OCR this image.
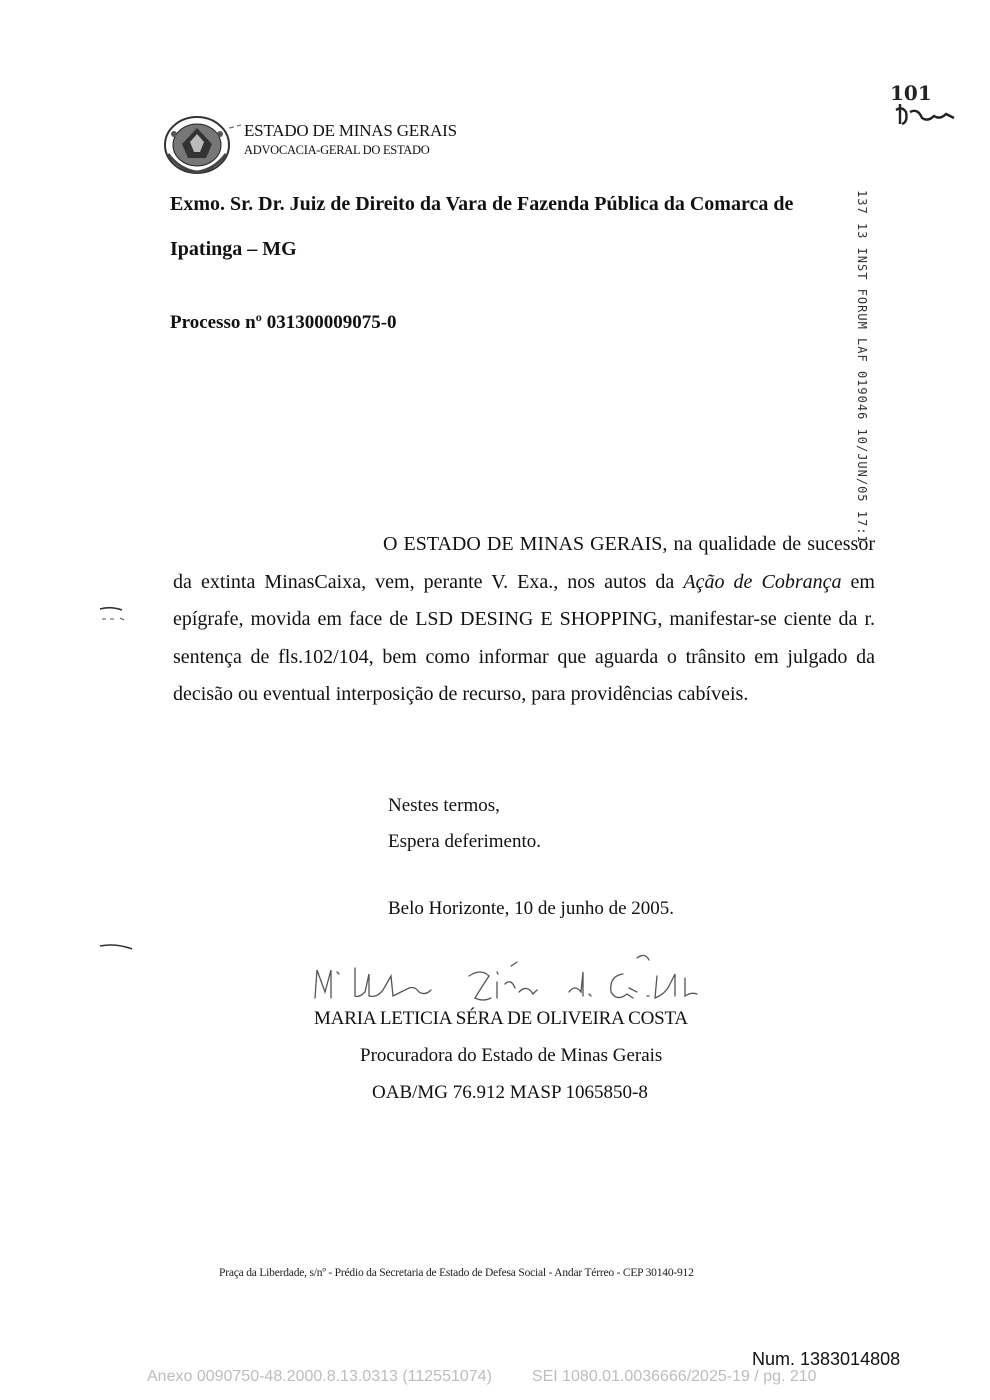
ESTADO DE MINAS GERAIS
ADVOCACIA-GERAL DO ESTADO
101
Exmo. Sr. Dr. Juiz de Direito da Vara de Fazenda Pública da Comarca de
Ipatinga – MG
Processo nº 031300009075-0	137 13 INST FORUM LAF 019046 10/JUN/05 17:1
O ESTADO DE MINAS GERAIS, na qualidade de sucessor da extinta MinasCaixa, vem, perante V. Exa., nos autos da Ação de Cobrança em epígrafe, movida em face de LSD DESING E SHOPPING, manifestar-se ciente da r. sentença de fls.102/104, bem como informar que aguarda o trânsito em julgado da decisão ou eventual interposição de recurso, para providências cabíveis.
Nestes termos,
Espera deferimento.
Belo Horizonte, 10 de junho de 2005.
MARIA LETICIA SÉRA DE OLIVEIRA COSTA
Procuradora do Estado de Minas Gerais
OAB/MG 76.912 MASP 1065850-8
Praça da Liberdade, s/nº - Prédio da Secretaria de Estado de Defesa Social - Andar Térreo - CEP 30140-912
Num. 1383014808
Anexo 0090750-48.2000.8.13.0313 (112551074)	SEI 1080.01.0036666/2025-19 / pg. 210
